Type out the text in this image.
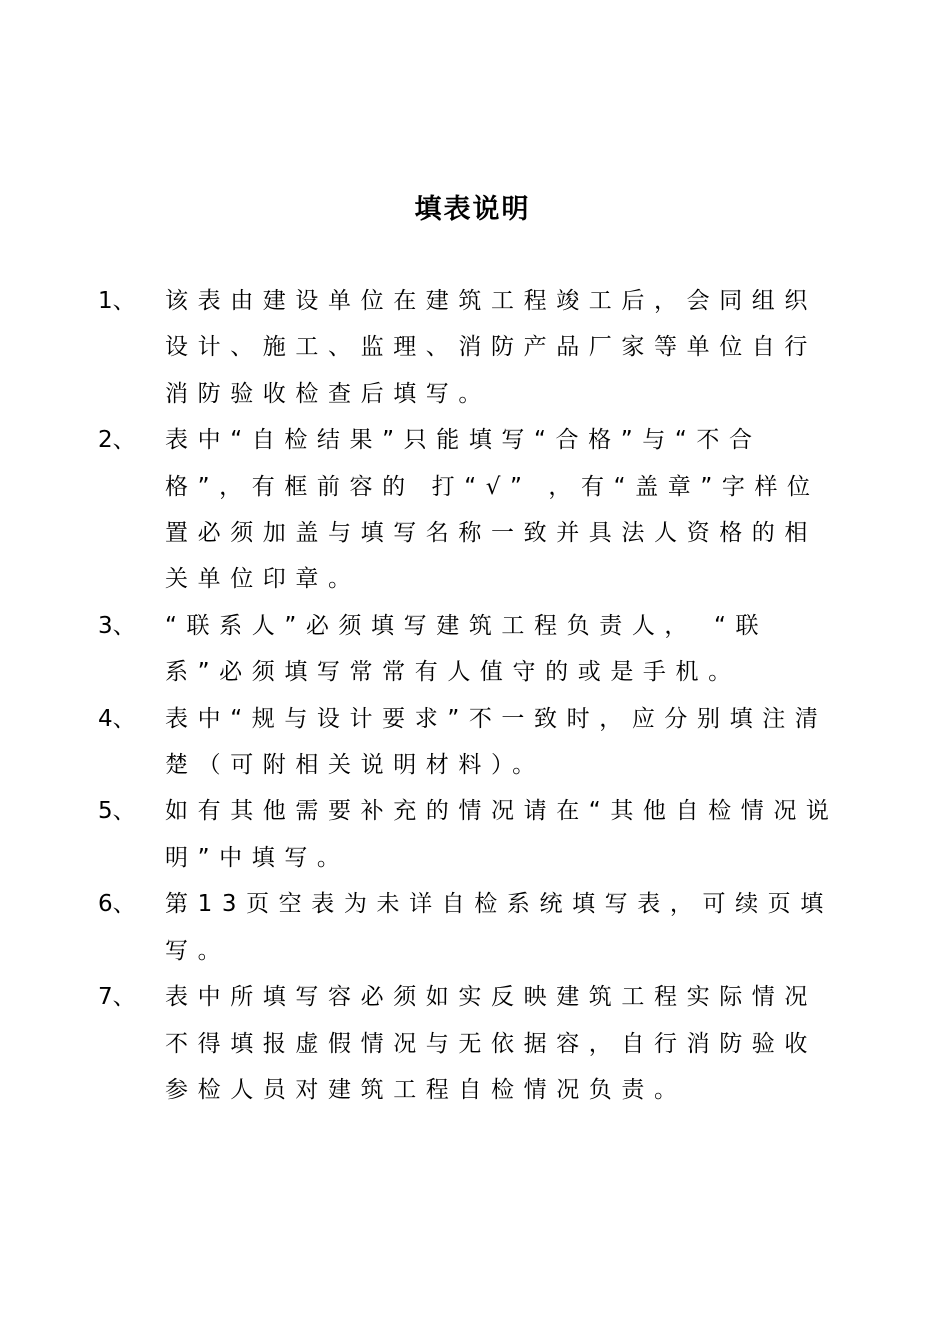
填表说明
1、	该表由建设单位在建筑工程竣工后，会同组织设计、施工、监理、消防产品厂家等单位自行消防验收检查后填写。
2、	表中“自检结果”只能填写“合格”与“不合格”，有框前容的 打“√” ，有“盖章”字样位置必须加盖与填写名称一致并具法人资格的相关单位印章。
3、	“联系人”必须填写建筑工程负责人， “联系”必须填写常常有人值守的或是手机。
4、	表中“规与设计要求”不一致时，应分别填注清楚（可附相关说明材料）。
5、	如有其他需要补充的情况请在“其他自检情况说明”中填写。
6、	第13页空表为未详自检系统填写表，可续页填写。
7、	表中所填写容必须如实反映建筑工程实际情况不得填报虚假情况与无依据容，自行消防验收参检人员对建筑工程自检情况负责。
